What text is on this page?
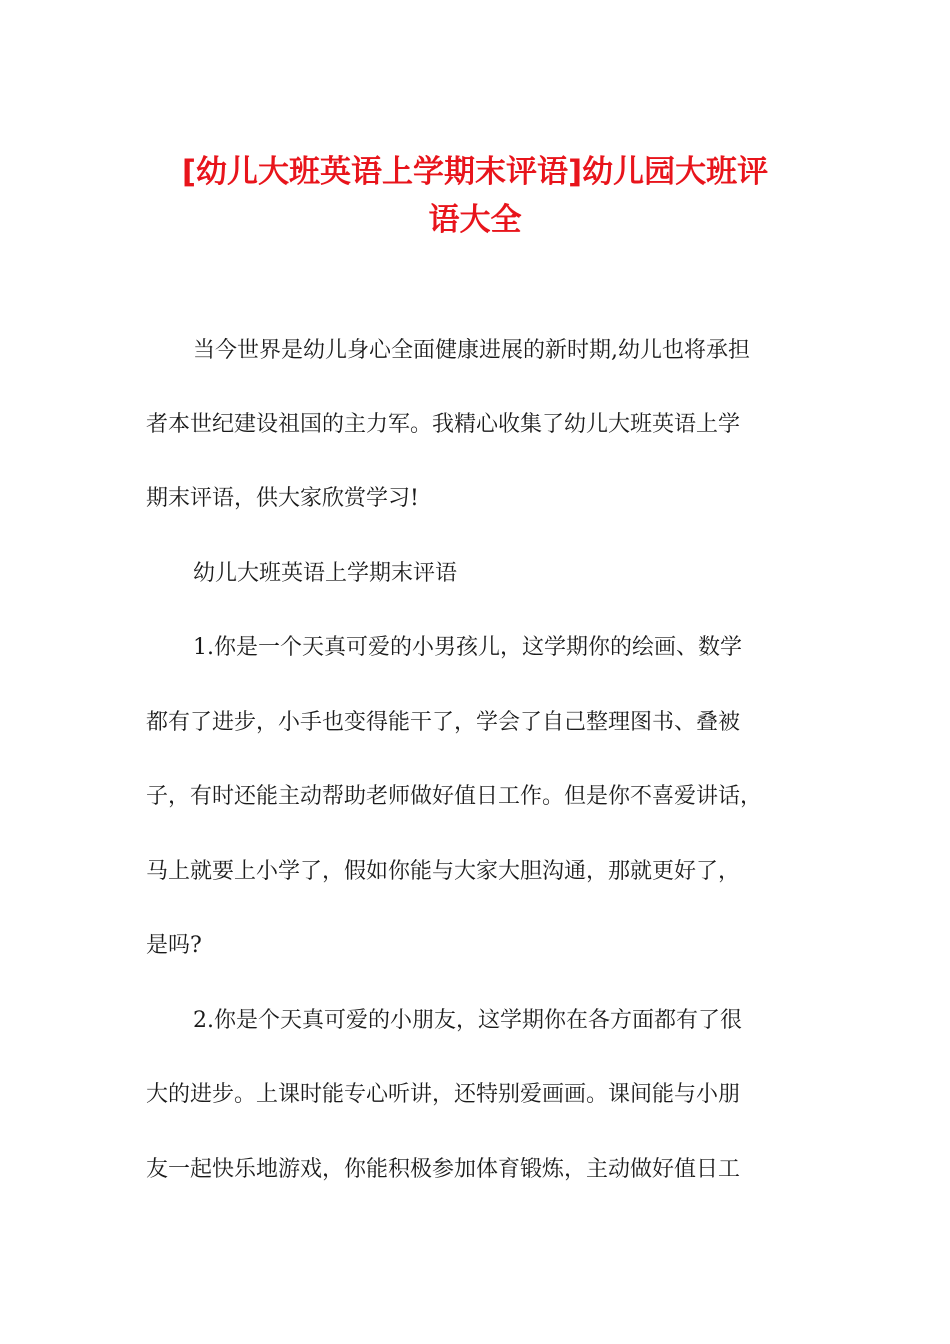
[幼儿大班英语上学期末评语]幼儿园大班评
语大全
当今世界是幼儿身心全面健康进展的新时期,幼儿也将承担
者本世纪建设祖国的主力军。我精心收集了幼儿大班英语上学
期末评语，供大家欣赏学习!
幼儿大班英语上学期末评语
1.你是一个天真可爱的小男孩儿，这学期你的绘画、数学
都有了进步，小手也变得能干了，学会了自己整理图书、叠被
子，有时还能主动帮助老师做好值日工作。但是你不喜爱讲话，
马上就要上小学了，假如你能与大家大胆沟通，那就更好了，
是吗?
2.你是个天真可爱的小朋友，这学期你在各方面都有了很
大的进步。上课时能专心听讲，还特别爱画画。课间能与小朋
友一起快乐地游戏，你能积极参加体育锻炼，主动做好值日工
